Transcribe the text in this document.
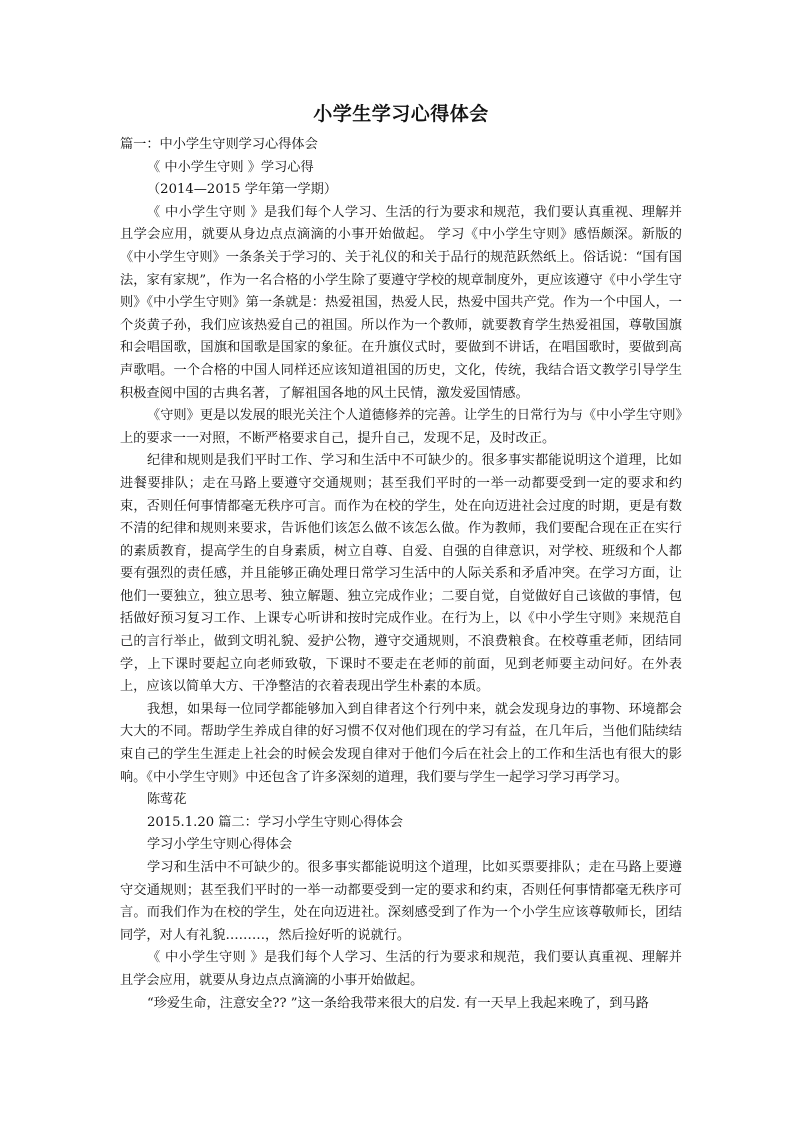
小学生学习心得体会

篇一：中小学生守则学习心得体会

《 中小学生守则 》学习心得

（2014—2015 学年第一学期）

《 中小学生守则 》是我们每个人学习、生活的行为要求和规范，我们要认真重视、理解并且学会应用，就要从身边点点滴滴的小事开始做起。 学习《中小学生守则》感悟颇深。新版的《中小学生守则》一条条关于学习的、关于礼仪的和关于品行的规范跃然纸上。俗话说：“国有国法，家有家规”，作为一名合格的小学生除了要遵守学校的规章制度外，更应该遵守《中小学生守则》《中小学生守则》第一条就是：热爱祖国，热爱人民，热爱中国共产党。作为一个中国人，一个炎黄子孙，我们应该热爱自己的祖国。所以作为一个教师，就要教育学生热爱祖国，尊敬国旗和会唱国歌，国旗和国歌是国家的象征。在升旗仪式时，要做到不讲话，在唱国歌时，要做到高声歌唱。一个合格的中国人同样还应该知道祖国的历史，文化，传统，我结合语文教学引导学生积极查阅中国的古典名著，了解祖国各地的风土民情，激发爱国情感。

《守则》更是以发展的眼光关注个人道德修养的完善。让学生的日常行为与《中小学生守则》上的要求一一对照，不断严格要求自己，提升自己，发现不足，及时改正。

纪律和规则是我们平时工作、学习和生活中不可缺少的。很多事实都能说明这个道理，比如进餐要排队；走在马路上要遵守交通规则；甚至我们平时的一举一动都要受到一定的要求和约束，否则任何事情都毫无秩序可言。而作为在校的学生，处在向迈进社会过度的时期，更是有数不清的纪律和规则来要求，告诉他们该怎么做不该怎么做。作为教师，我们要配合现在正在实行的素质教育，提高学生的自身素质，树立自尊、自爱、自强的自律意识，对学校、班级和个人都要有强烈的责任感，并且能够正确处理日常学习生活中的人际关系和矛盾冲突。在学习方面，让他们一要独立，独立思考、独立解题、独立完成作业；二要自觉，自觉做好自己该做的事情，包括做好预习复习工作、上课专心听讲和按时完成作业。在行为上，以《中小学生守则》来规范自己的言行举止，做到文明礼貌、爱护公物，遵守交通规则，不浪费粮食。在校尊重老师，团结同学，上下课时要起立向老师致敬，下课时不要走在老师的前面，见到老师要主动问好。在外表上，应该以简单大方、干净整洁的衣着表现出学生朴素的本质。

我想，如果每一位同学都能够加入到自律者这个行列中来，就会发现身边的事物、环境都会大大的不同。帮助学生养成自律的好习惯不仅对他们现在的学习有益，在几年后，当他们陆续结束自己的学生生涯走上社会的时候会发现自律对于他们今后在社会上的工作和生活也有很大的影响。《中小学生守则》中还包含了许多深刻的道理，我们要与学生一起学习学习再学习。

陈莺花

2015.1.20 篇二：学习小学生守则心得体会

学习小学生守则心得体会

学习和生活中不可缺少的。很多事实都能说明这个道理，比如买票要排队；走在马路上要遵守交通规则；甚至我们平时的一举一动都要受到一定的要求和约束，否则任何事情都毫无秩序可言。而我们作为在校的学生，处在向迈进社。深刻感受到了作为一个小学生应该尊敬师长，团结同学，对人有礼貌………，然后捡好听的说就行。

《 中小学生守则 》是我们每个人学习、生活的行为要求和规范，我们要认真重视、理解并且学会应用，就要从身边点点滴滴的小事开始做起。

“珍爱生命，注意安全?? ”这一条给我带来很大的启发. 有一天早上我起来晚了，到马路
